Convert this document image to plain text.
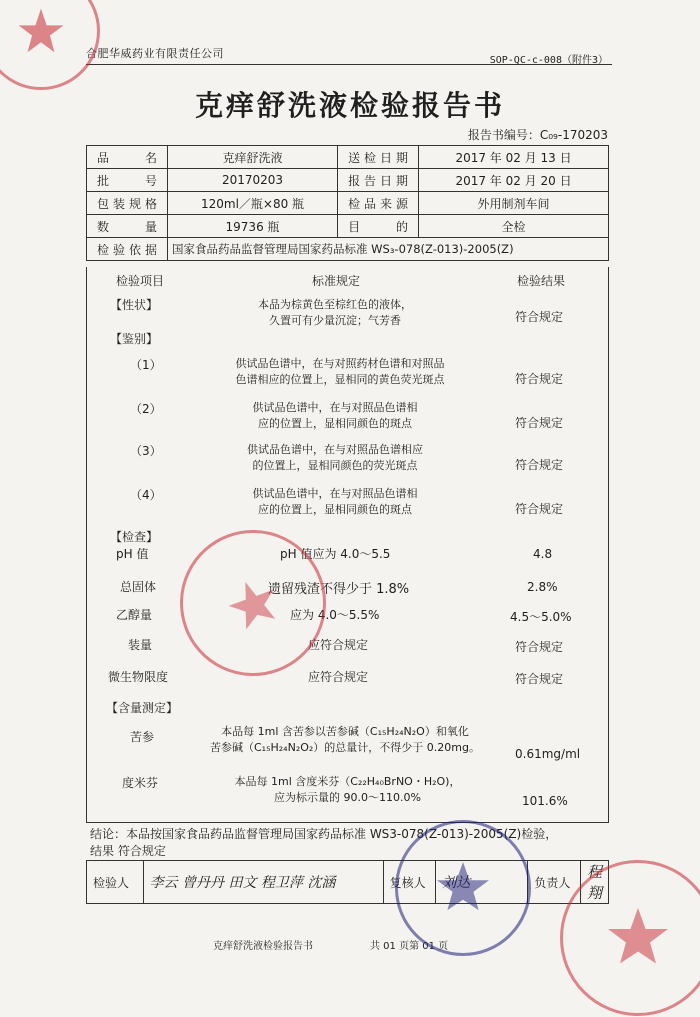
合肥华威药业有限责任公司
SOP-QC-c-008（附件3）
克痒舒洗液检验报告书
报告书编号：C₀₉-170203
品　　名	克痒舒洗液	送检日期	2017 年 02 月 13 日
批　　号	20170203	报告日期	2017 年 02 月 20 日
包装规格	120ml／瓶×80 瓶	检品来源	外用制剂车间
数　　量	19736 瓶	目　　的	全检
检验依据	国家食品药品监督管理局国家药品标准 WS₃-078(Z-013)-2005(Z)		
检验项目	标准规定	检验结果
【性状】	本品为棕黄色至棕红色的液体，
久置可有少量沉淀；气芳香	符合规定
【鉴别】
（1）	供试品色谱中，在与对照药材色谱和对照品
色谱相应的位置上，显相同的黄色荧光斑点	符合规定
（2）	供试品色谱中，在与对照品色谱相
应的位置上，显相同颜色的斑点	符合规定
（3）	供试品色谱中，在与对照品色谱相应
的位置上，显相同颜色的荧光斑点	符合规定
（4）	供试品色谱中，在与对照品色谱相
应的位置上，显相同颜色的斑点	符合规定
【检查】
pH 值	pH 值应为 4.0～5.5	4.8
总固体	遗留残渣不得少于 1.8%	2.8%
乙醇量	应为 4.0～5.5%	4.5～5.0%
装量	应符合规定	符合规定
微生物限度	应符合规定	符合规定
【含量测定】
苦参	本品每 1ml 含苦参以苦参碱（C₁₅H₂₄N₂O）和氧化
苦参碱（C₁₅H₂₄N₂O₂）的总量计，不得少于 0.20mg。	0.61mg/ml
度米芬	本品每 1ml 含度米芬（C₂₂H₄₀BrNO・H₂O)，
应为标示量的 90.0～110.0%	101.6%
结论：本品按国家食品药品监督管理局国家药品标准 WS3-078(Z-013)-2005(Z)检验，
结果 符合规定
检验人	李云 曾丹丹 田文 程卫萍 沈涵	复核人		负责人	程 翔
克痒舒洗液检验报告书	共 01 页第 01 页
